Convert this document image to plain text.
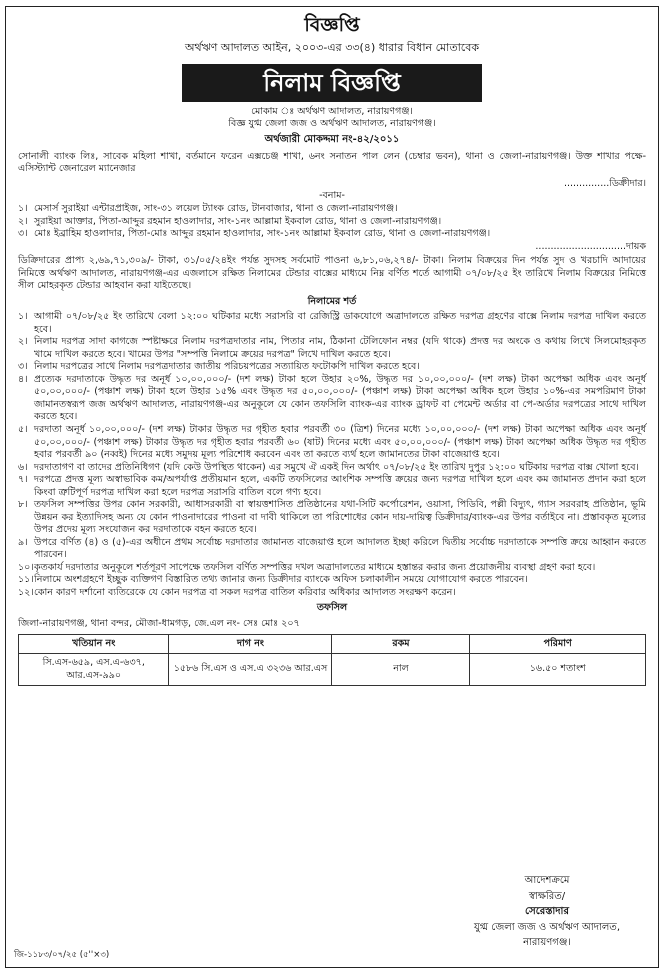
বিজ্ঞপ্তি
অর্থঋণ আদালত আইন, ২০০৩-এর ৩৩(৪) ধারার বিধান মোতাবেক
নিলাম বিজ্ঞপ্তি
মোকাম ঃ অর্থঋণ আদালত, নারায়ণগঞ্জ।
বিজ্ঞ যুগ্ম জেলা জজ ও অর্থঋণ আদালত, নারায়ণগঞ্জ।
অর্থজারী মোকদ্দমা নং-৪২/২০১১

সোনালী ব্যাংক লিঃ, সাবেক মহিলা শাখা, বর্তমানে ফরেন এক্সচেঞ্জ শাখা, ৬নং সনাতন পাল লেন (চেম্বার ভবন), থানা ও জেলা-নারায়ণগঞ্জ। উক্ত শাখার পক্ষে- এসিস্ট্যান্ট জেনারেল ম্যানেজার

...............ডিক্রীদার।
-বনাম-
১। মেসার্স সুরাইয়া এন্টারপ্রাইজ, সাং-৩১ লয়েল ট্যাংক রোড, টানবাজার, থানা ও জেলা-নারায়ণগঞ্জ।
২। সুরাইয়া আক্তার, পিতা-আব্দুর রহমান হাওলাদার, সাং-১নং আল্লামা ইকবাল রোড, থানা ও জেলা-নারায়ণগঞ্জ।
৩। মোঃ ইব্রাহিম হাওলাদার, পিতা-মোঃ আব্দুর রহমান হাওলাদার, সাং-১নং আল্লামা ইকবাল রোড, থানা ও জেলা-নারায়ণগঞ্জ।
..............................দায়ক

ডিক্রিদারের প্রাপ্য ২,৬৯,৭১,৩০৯/- টাকা, ৩১/০৫/২৪ইং পর্যন্ত সুদসহ সর্বমোট পাওনা ৬,৮১,০৬,২৭৪/- টাকা। নিলাম বিক্রয়ের দিন পর্যন্ত সুদ ও খরচাদি আদায়ের নিমিত্তে অর্থঋণ আদালত, নারায়ণগঞ্জ-এর এজলাসে রক্ষিত নিলামের টেন্ডার বাক্সের মাধ্যমে নিম্ন বর্ণিত শর্তে আগামী ০৭/০৮/২৫ ইং তারিখে নিলাম বিক্রয়ের নিমিত্তে সীল মোহরকৃত টেন্ডার আহবান করা যাইতেছে।

নিলামের শর্ত
১। আগামী ০৭/০৮/২৫ ইং তারিখে বেলা ১২:০০ ঘটিকার মধ্যে সরাসরি বা রেজিস্ট্রি ডাকযোগে অত্রাদালতে রক্ষিত দরপত্র গ্রহণের বাক্সে নিলাম দরপত্র দাখিল করতে হবে।
২। নিলাম দরপত্র সাদা কাগজে স্পষ্টাক্ষরে নিলাম দরপত্রদাতার নাম, পিতার নাম, ঠিকানা টেলিফোন নম্বর (যদি থাকে) প্রদত্ত দর অংকে ও কথায় লিখে সিলমোহরকৃত খামে দাখিল করতে হবে। খামের উপর "সম্পত্তি নিলামে ক্রয়ের দরপত্র" লিখে দাখিল করতে হবে।
৩। নিলাম দরপত্রের সাথে নিলাম দরপত্রদাতার জাতীয় পরিচয়পত্রের সত্যায়িত ফটোকপি দাখিল করতে হবে।
৪। প্রত্যেক দরদাতাকে উদ্ধৃত দর অনূর্ধ ১০,০০,০০০/- (দশ লক্ষ) টাকা হলে উহার ২০%, উদ্ধৃত দর ১০,০০,০০০/- (দশ লক্ষ) টাকা অপেক্ষা অধিক এবং অনূর্ধ ৫০,০০,০০০/- (পঞ্চাশ লক্ষ) টাকা হলে উহার ১৫% এবং উদ্ধৃত দর ৫০,০০,০০০/- (পঞ্চাশ লক্ষ) টাকা অপেক্ষা অধিক হলে উহার ১০%-এর সমপরিমাণ টাকা জামানতস্বরূপ জজ অর্থঋণ আদালত, নারায়ণগঞ্জ-এর অনুকূলে যে কোন তফসিলি ব্যাংক-এর ব্যাংক ড্রাফট বা পেমেন্ট অর্ডার বা পে-অর্ডার দরপত্রের সাথে দাখিল করতে হবে।
৫। দরদাতা অনূর্ধ ১০,০০,০০০/- (দশ লক্ষ) টাকার উদ্ধৃত দর গৃহীত হবার পরবর্তী ৩০ (ত্রিশ) দিনের মধ্যে ১০,০০,০০০/- (দশ লক্ষ) টাকা অপেক্ষা অধিক এবং অনূর্ধ ৫০,০০,০০০/- (পঞ্চাশ লক্ষ) টাকার উদ্ধৃত দর গৃহীত হবার পরবর্তী ৬০ (ষাট) দিনের মধ্যে এবং ৫০,০০,০০০/- (পঞ্চাশ লক্ষ) টাকা অপেক্ষা অধিক উদ্ধৃত দর গৃহীত হবার পরবর্তী ৯০ (নব্বই) দিনের মধ্যে সমুদয় মূল্য পরিশোধ করবেন এবং তা করতে ব্যর্থ হলে জামানতের টাকা বাজেয়াপ্ত হবে।
৬। দরদাতাগণ বা তাদের প্রতিনিধিগণ (যদি কেউ উপস্থিত থাকেন) এর সমুখে ঐ একই দিন অর্থাৎ ০৭/০৮/২৫ ইং তারিখ দুপুর ১২:০০ ঘটিকায় দরপত্র বাক্স খোলা হবে।
৭। দরপত্রে প্রদত্ত মূল্য অস্বাভাবিক কম/অপর্যাপ্ত প্রতীয়মান হলে, একটি তফসিলের আংশিক সম্পত্তি ক্রয়ের জন্য দরপত্র দাখিল হলে এবং কম জামানত প্রদান করা হলে কিংবা ত্রুটিপূর্ণ দরপত্র দাখিল করা হলে দরপত্র সরাসরি বাতিল বলে গণ্য হবে।
৮। তফসিল সম্পত্তির উপর কোন সরকারী, আধাসরকারী বা স্বায়ত্তশাসিত প্রতিষ্ঠানের যথা-সিটি কর্পোরেশন, ওয়াসা, পিডিবি, পল্লী বিদ্যুৎ, গ্যাস সরবরাহ প্রতিষ্ঠান, ভূমি উন্নয়ন কর ইত্যাদিসহ অন্য যে কোন পাওনাদারের পাওনা বা দাবী থাকিলে তা পরিশোধের কোন দায়-দায়িত্ব ডিক্রীদার/ব্যাংক-এর উপর বর্তাইবে না। প্রস্তাবকৃত মূল্যের উপর প্রদেয় মূল্য সংযোজন কর দরদাতাকে বহন করতে হবে।
৯। উপরে বর্ণিত (৪) ও (৫)-এর অধীনে প্রথম সর্বোচ্চ দরদাতার জামানত বাজেয়াপ্ত হলে আদালত ইচ্ছা করিলে দ্বিতীয় সর্বোচ্চ দরদাতাকে সম্পত্তি ক্রয়ে আহ্বান করতে পারবেন।
১০। কৃতকার্য দরদাতার অনুকূলে শর্তপূরণ সাপেক্ষে তফসিল বর্ণিত সম্পত্তির দখল অত্রাদালতের মাধ্যমে হস্তান্তর করার জন্য প্রয়োজনীয় ব্যবস্থা গ্রহণ করা হবে।
১১। নিলামে অংশগ্রহণে ইচ্ছুক ব্যক্তিগণ বিস্তারিত তথ্য জানার জন্য ডিক্রীদার ব্যাংকে অফিস চলাকালীন সময়ে যোগাযোগ করতে পারবেন।
১২। কোন কারণ দর্শানো ব্যতিরেকে যে কোন দরপত্র বা সকল দরপত্র বাতিল করিবার অধিকার আদালত সংরক্ষণ করেন।
তফসিল
জিলা-নারায়ণগঞ্জ, থানা বন্দর, মৌজা-ধামগড়, জে.এল নং- সেঃ মোঃ ২০৭
খতিয়ান নং	দাগ নং	রকম	পরিমাণ
সি.এস-৬৫৯, এস.এ-৬৩৭, আর.এস-৯৯০	১৫৮৬ সি.এস ও এস.এ ৩২৩৬ আর.এস	নাল	১৬.৫০ শতাংশ
আদেশক্রমে
স্বাক্ষরিত/
সেরেস্তাদার
যুগ্ম জেলা জজ ও অর্থঋণ আদালত,
নারায়ণগঞ্জ।
জি-১১৮৩/০৭/২৫ (৫''×৩)
